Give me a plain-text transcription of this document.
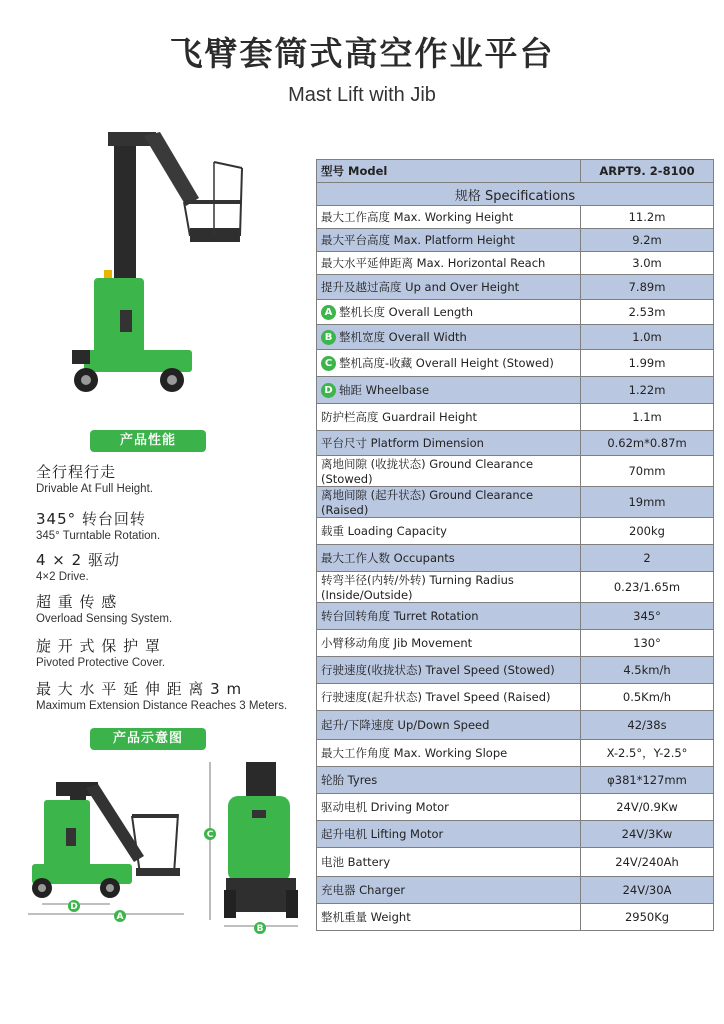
飞臂套筒式高空作业平台
Mast Lift with Jib
产品性能
全行程行走
Drivable At Full Height.
345° 转台回转
345° Turntable Rotation.
4 × 2 驱动
4×2 Drive.
超 重 传 感
Overload Sensing System.
旋 开 式 保 护 罩
Pivoted Protective Cover.
最 大 水 平 延 伸 距 离 3 m
Maximum Extension Distance Reaches 3 Meters.
产品示意图
D
A
C
B
型号 Model	ARPT9. 2-8100
规格 Specifications	
最大工作高度 Max. Working Height	11.2m
最大平台高度 Max. Platform Height	9.2m
最大水平延伸距离 Max. Horizontal Reach	3.0m
提升及越过高度 Up and Over Height	7.89m
A 整机长度 Overall Length	2.53m
B 整机宽度 Overall Width	1.0m
C 整机高度-收藏 Overall Height (Stowed)	1.99m
D 轴距 Wheelbase	1.22m
防护栏高度 Guardrail Height	1.1m
平台尺寸 Platform Dimension	0.62m*0.87m
离地间隙 (收拢状态) Ground Clearance (Stowed)	70mm
离地间隙 (起升状态) Ground Clearance (Raised)	19mm
载重 Loading Capacity	200kg
最大工作人数 Occupants	2
转弯半径(内转/外转) Turning Radius (Inside/Outside)	0.23/1.65m
转台回转角度 Turret Rotation	345°
小臂移动角度 Jib Movement	130°
行驶速度(收拢状态) Travel Speed (Stowed)	4.5km/h
行驶速度(起升状态) Travel Speed (Raised)	0.5Km/h
起升/下降速度 Up/Down Speed	42/38s
最大工作角度 Max. Working Slope	X-2.5°，Y-2.5°
轮胎 Tyres	φ381*127mm
驱动电机 Driving Motor	24V/0.9Kw
起升电机 Lifting Motor	24V/3Kw
电池 Battery	24V/240Ah
充电器 Charger	24V/30A
整机重量 Weight	2950Kg
